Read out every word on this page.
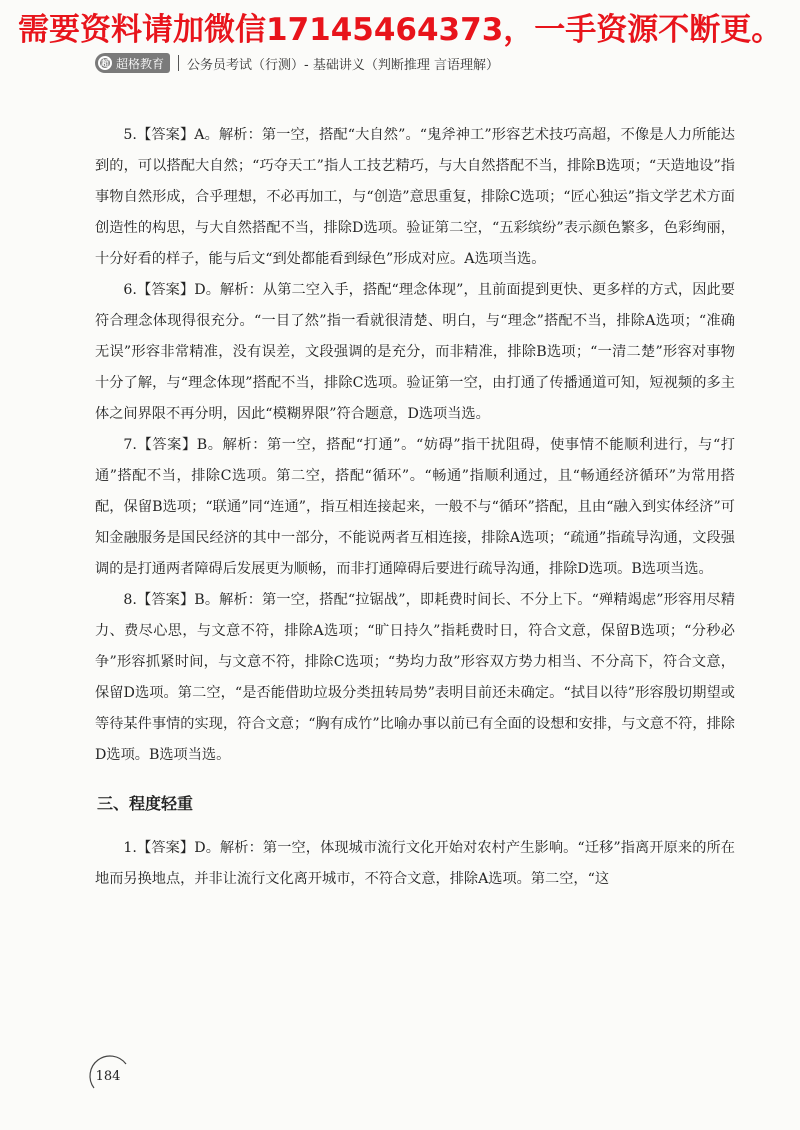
需要资料请加微信17145464373，一手资源不断更。
超 超格教育 公务员考试（行测）- 基础讲义（判断推理 言语理解）

5.【答案】A。解析：第一空，搭配“大自然”。“鬼斧神工”形容艺术技巧高超，不像是人力所能达到的，可以搭配大自然；“巧夺天工”指人工技艺精巧，与大自然搭配不当，排除B选项；“天造地设”指事物自然形成，合乎理想，不必再加工，与“创造”意思重复，排除C选项；“匠心独运”指文学艺术方面创造性的构思，与大自然搭配不当，排除D选项。验证第二空，“五彩缤纷”表示颜色繁多，色彩绚丽，十分好看的样子，能与后文“到处都能看到绿色”形成对应。A选项当选。

6.【答案】D。解析：从第二空入手，搭配“理念体现”，且前面提到更快、更多样的方式，因此要符合理念体现得很充分。“一目了然”指一看就很清楚、明白，与“理念”搭配不当，排除A选项；“准确无误”形容非常精准，没有误差，文段强调的是充分，而非精准，排除B选项；“一清二楚”形容对事物十分了解，与“理念体现”搭配不当，排除C选项。验证第一空，由打通了传播通道可知，短视频的多主体之间界限不再分明，因此“模糊界限”符合题意，D选项当选。

7.【答案】B。解析：第一空，搭配“打通”。“妨碍”指干扰阻碍，使事情不能顺利进行，与“打通”搭配不当，排除C选项。第二空，搭配“循环”。“畅通”指顺利通过，且“畅通经济循环”为常用搭配，保留B选项；“联通”同“连通”，指互相连接起来，一般不与“循环”搭配，且由“融入到实体经济”可知金融服务是国民经济的其中一部分，不能说两者互相连接，排除A选项；“疏通”指疏导沟通，文段强调的是打通两者障碍后发展更为顺畅，而非打通障碍后要进行疏导沟通，排除D选项。B选项当选。

8.【答案】B。解析：第一空，搭配“拉锯战”，即耗费时间长、不分上下。“殚精竭虑”形容用尽精力、费尽心思，与文意不符，排除A选项；“旷日持久”指耗费时日，符合文意，保留B选项；“分秒必争”形容抓紧时间，与文意不符，排除C选项；“势均力敌”形容双方势力相当、不分高下，符合文意，保留D选项。第二空，“是否能借助垃圾分类扭转局势”表明目前还未确定。“拭目以待”形容殷切期望或等待某件事情的实现，符合文意；“胸有成竹”比喻办事以前已有全面的设想和安排，与文意不符，排除D选项。B选项当选。

三、程度轻重

1.【答案】D。解析：第一空，体现城市流行文化开始对农村产生影响。“迁移”指离开原来的所在地而另换地点，并非让流行文化离开城市，不符合文意，排除A选项。第二空，“这

184
